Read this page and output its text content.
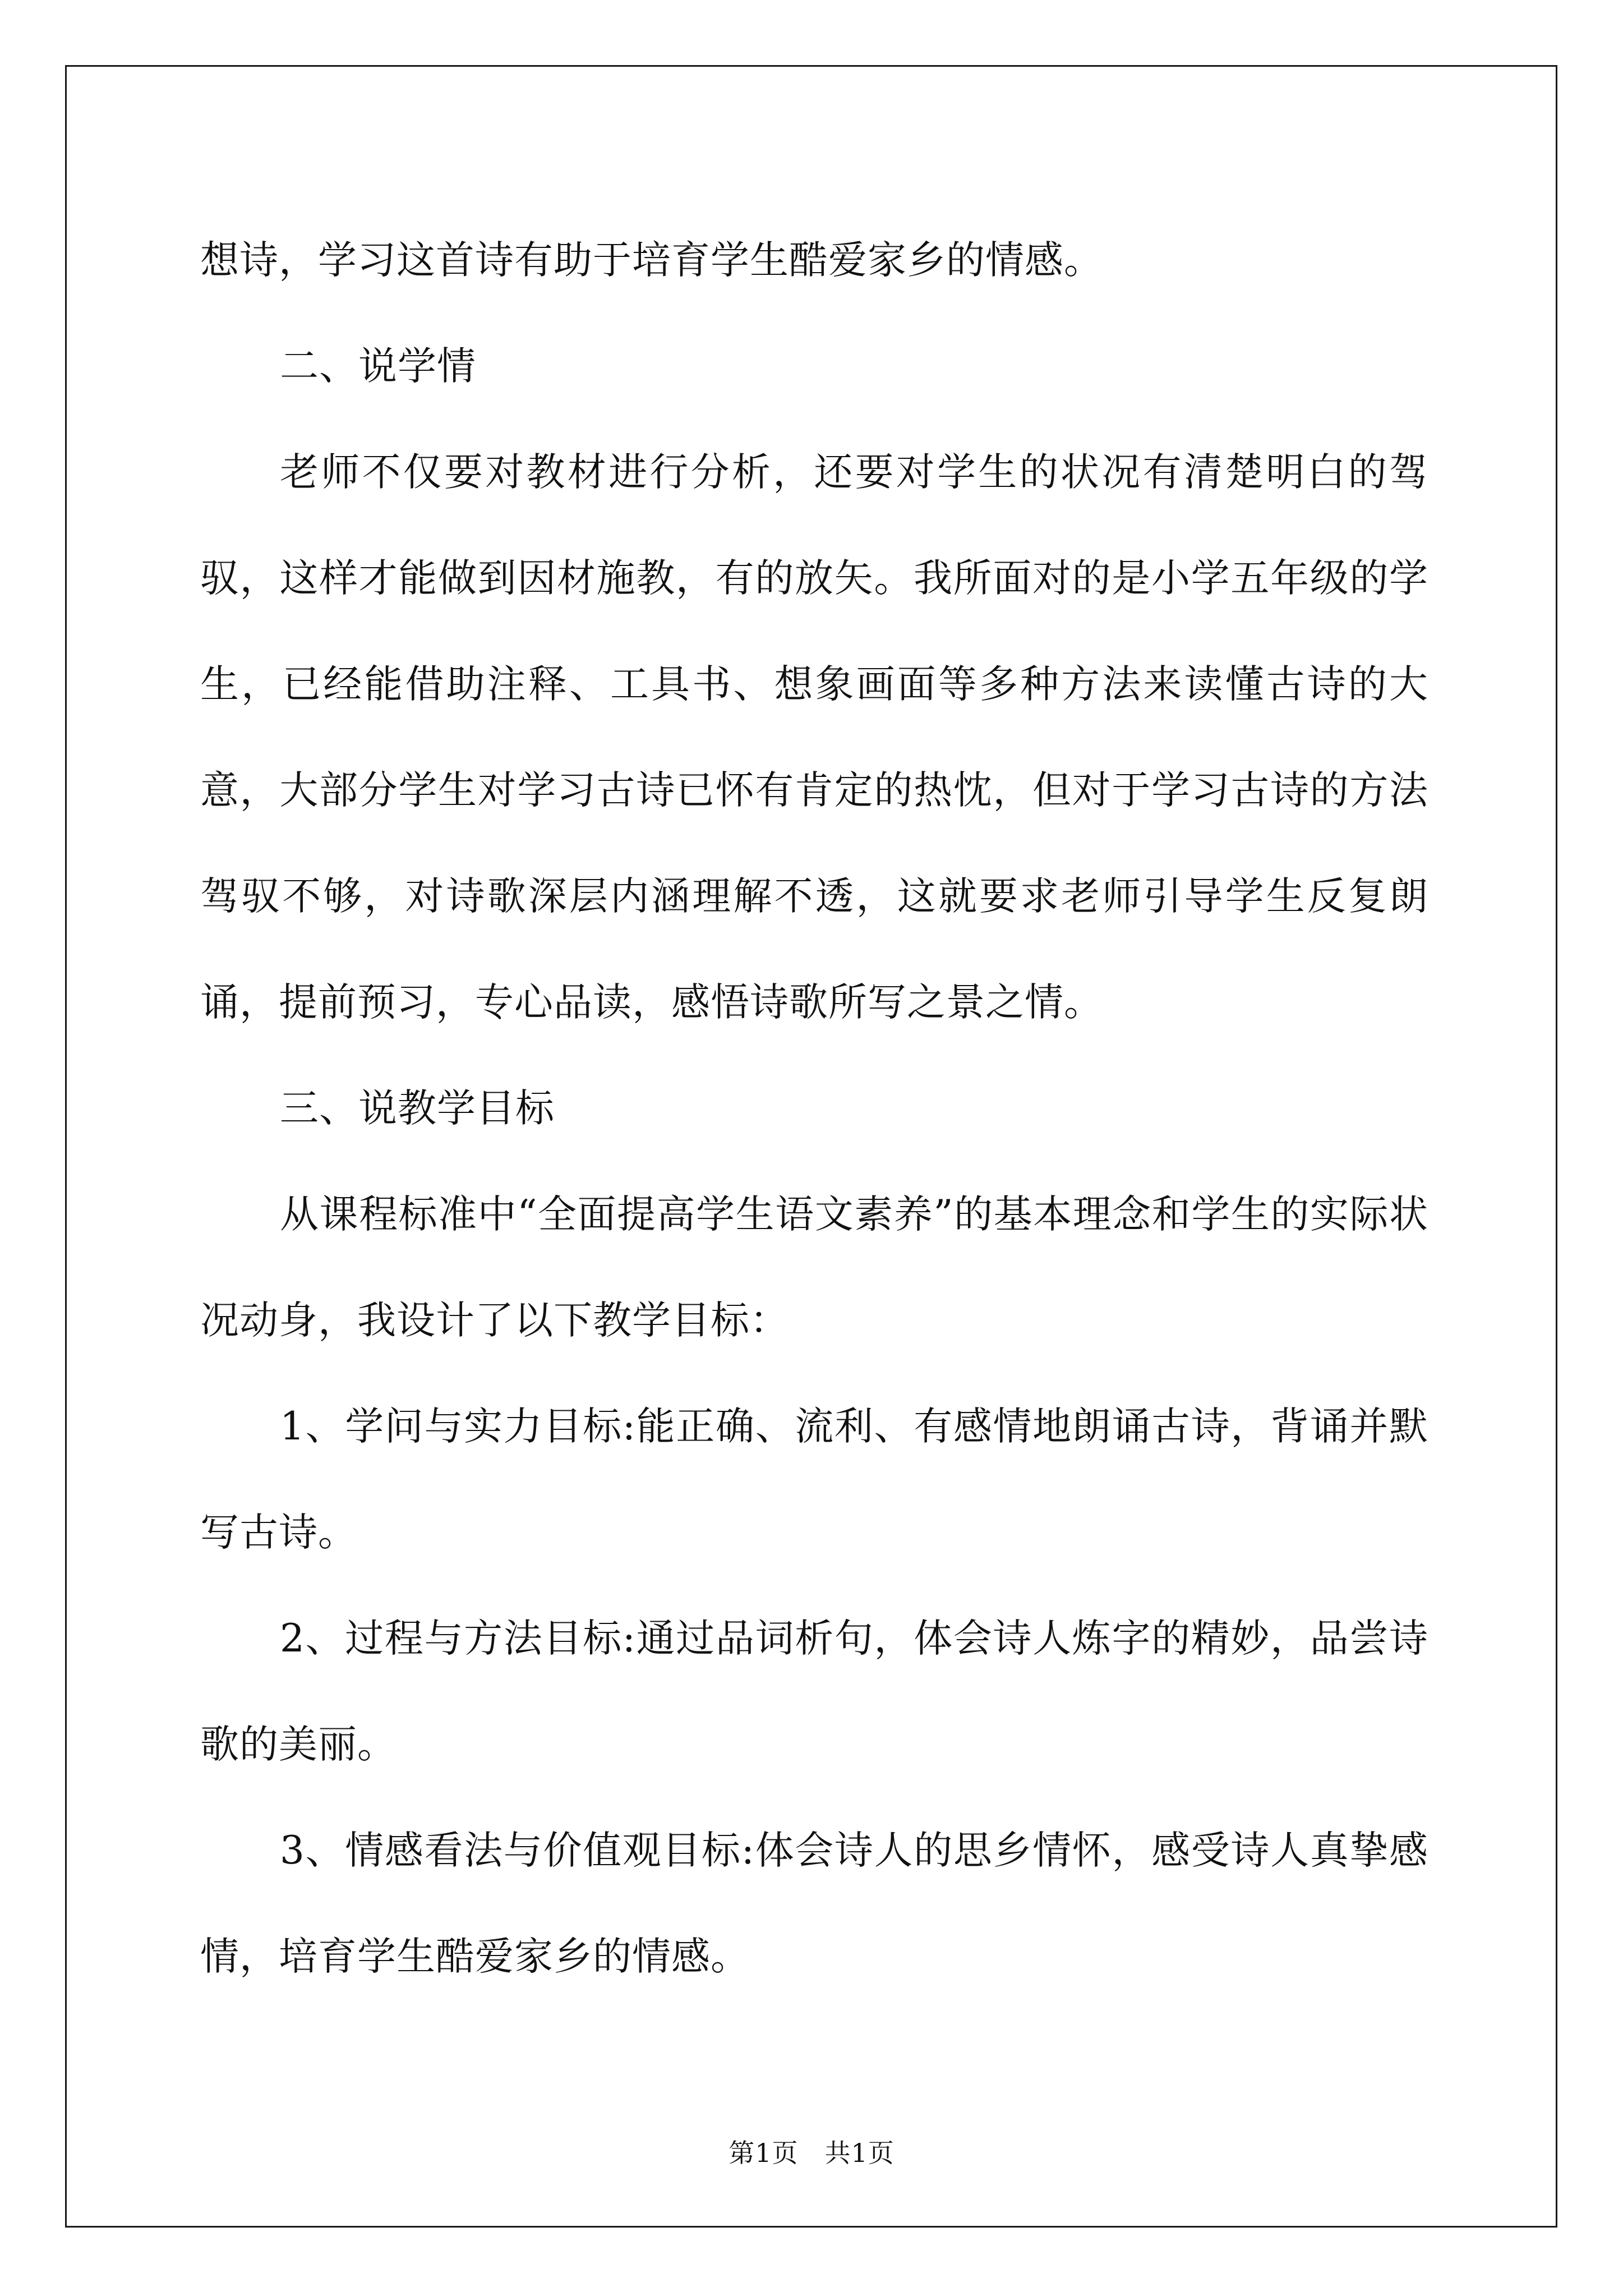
想诗，学习这首诗有助于培育学生酷爱家乡的情感。

二、说学情

老师不仅要对教材进行分析，还要对学生的状况有清楚明白的驾驭，这样才能做到因材施教，有的放矢。我所面对的是小学五年级的学生，已经能借助注释、工具书、想象画面等多种方法来读懂古诗的大意，大部分学生对学习古诗已怀有肯定的热忱，但对于学习古诗的方法驾驭不够，对诗歌深层内涵理解不透，这就要求老师引导学生反复朗诵，提前预习，专心品读，感悟诗歌所写之景之情。

三、说教学目标

从课程标准中“全面提高学生语文素养”的基本理念和学生的实际状况动身，我设计了以下教学目标：

1、学问与实力目标:能正确、流利、有感情地朗诵古诗，背诵并默写古诗。

2、过程与方法目标:通过品词析句，体会诗人炼字的精妙，品尝诗歌的美丽。

3、情感看法与价值观目标:体会诗人的思乡情怀，感受诗人真挚感情，培育学生酷爱家乡的情感。

第1页　共1页
